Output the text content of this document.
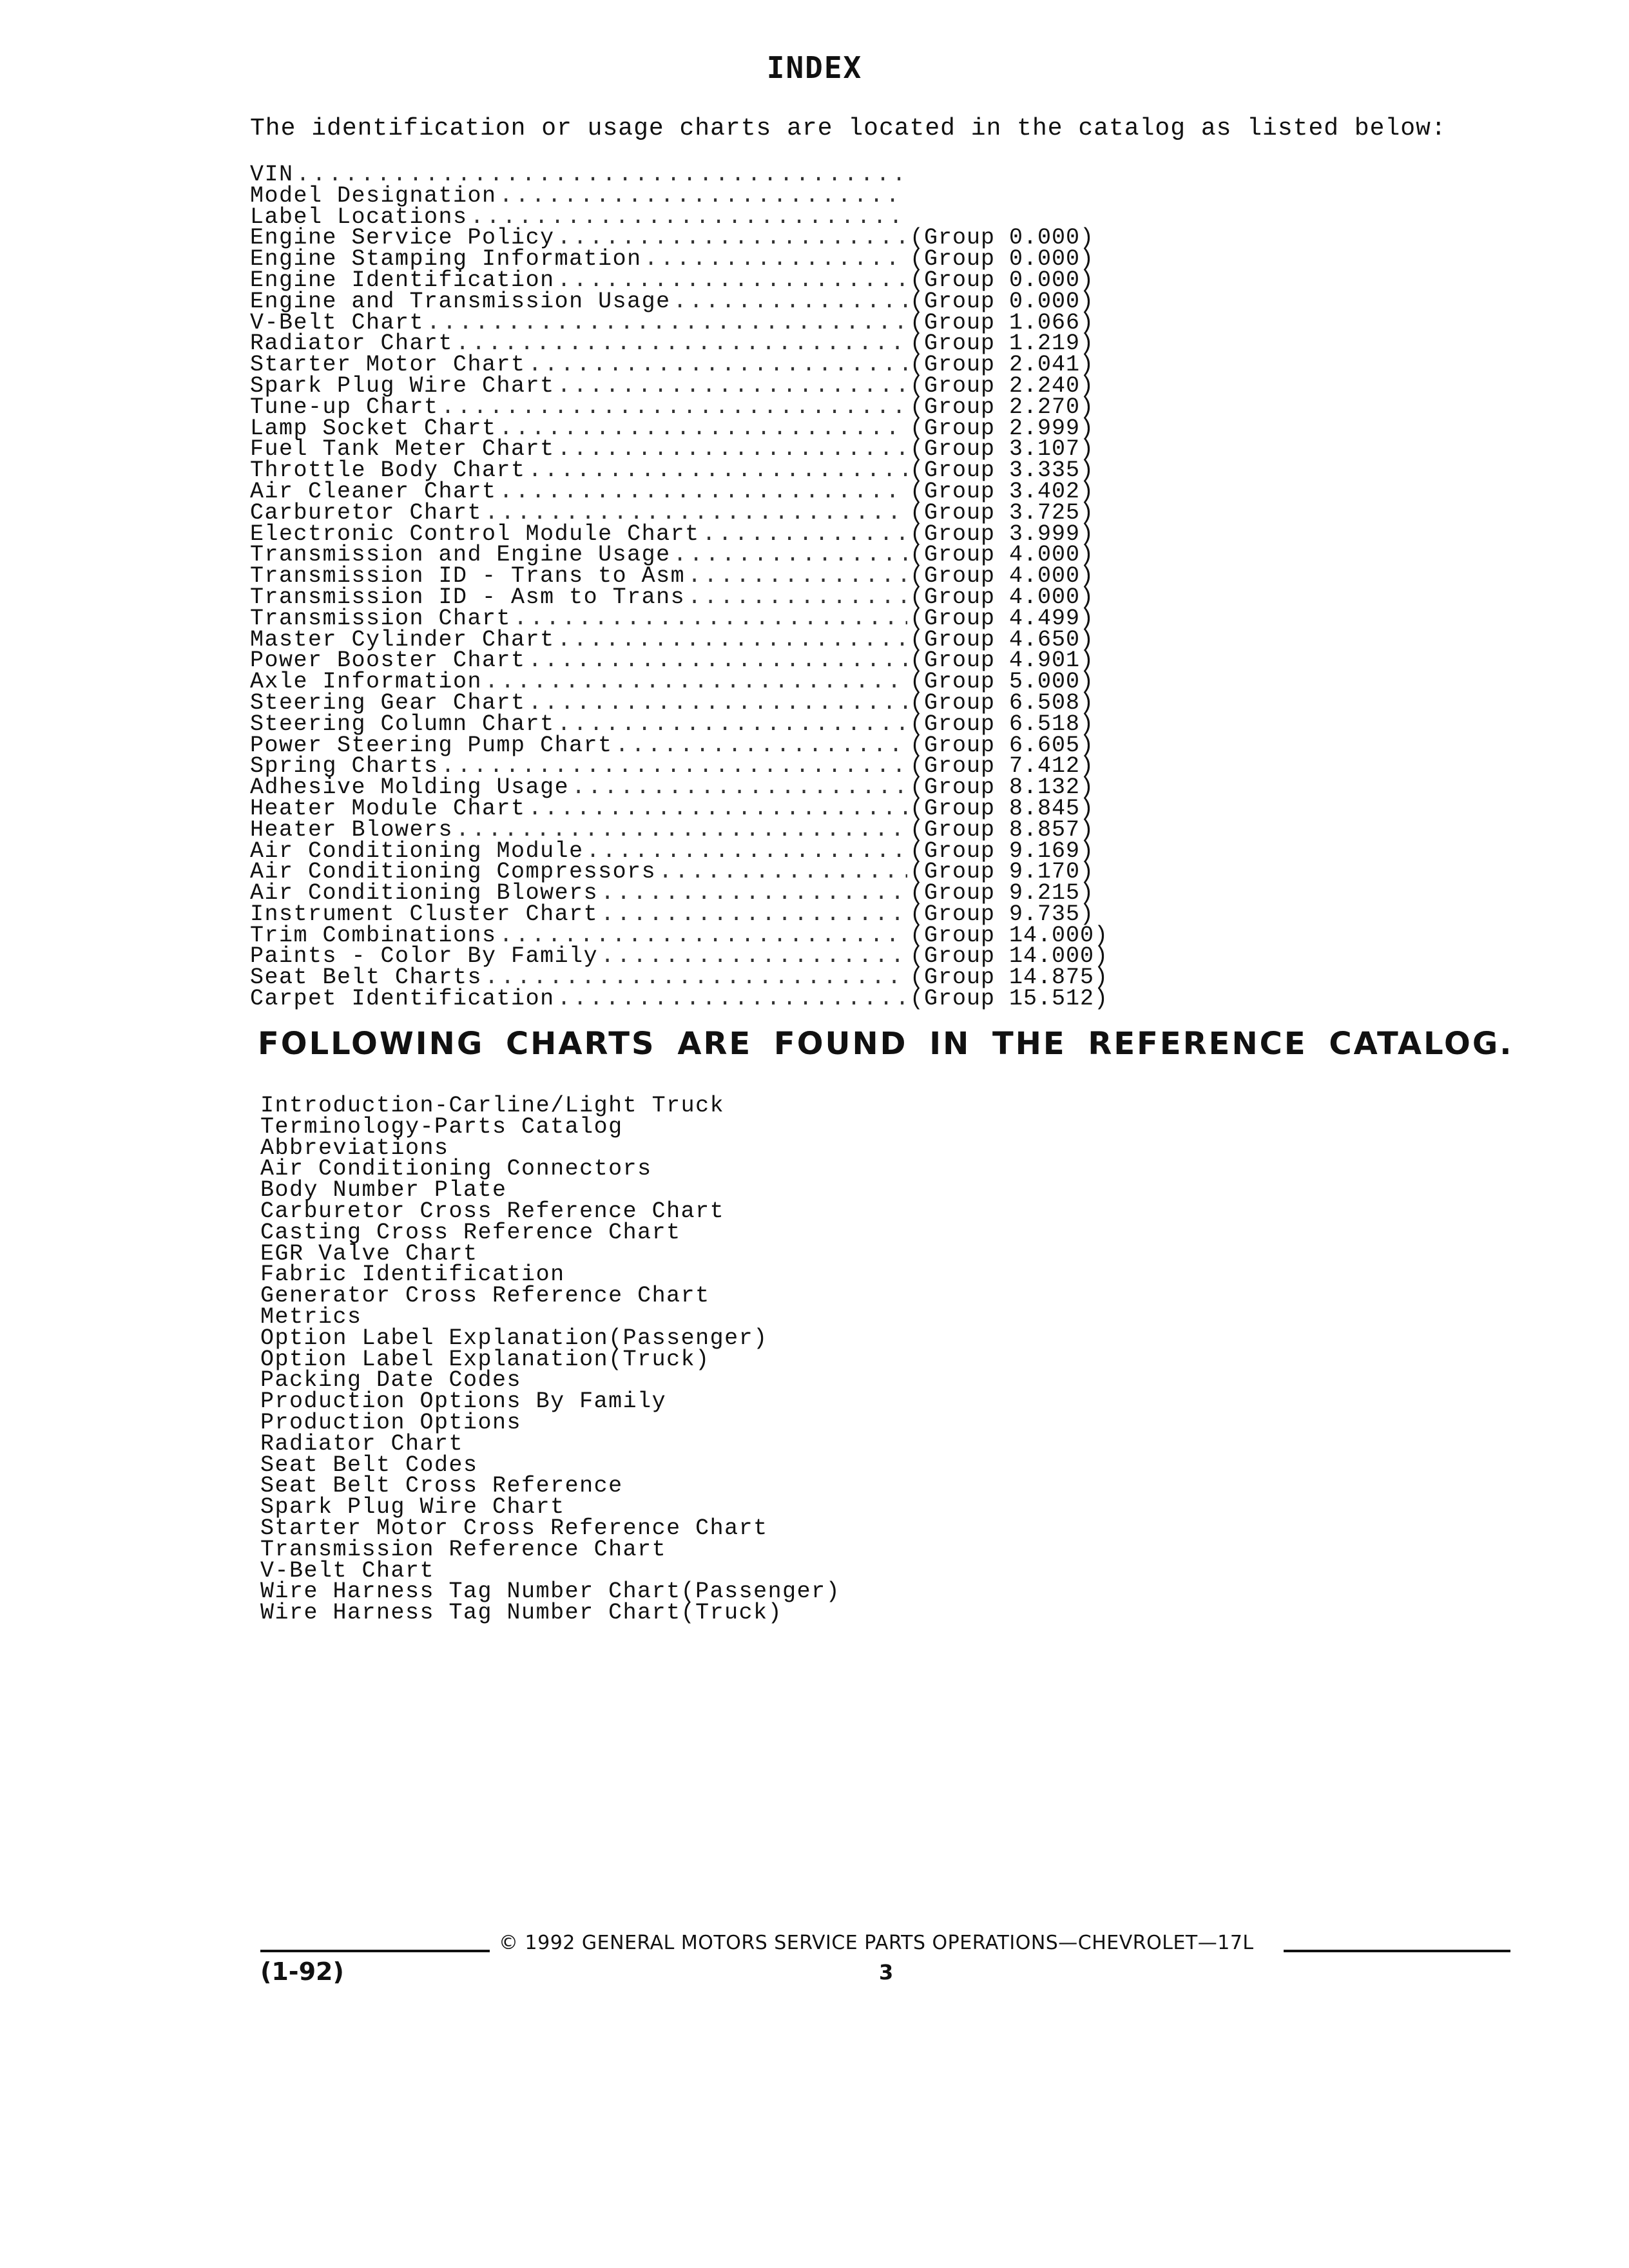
INDEX
The identification or usage charts are located in the catalog as listed below:
VIN
.....
Model Designation
.....
Label Locations
.....
Engine Service Policy .....	(Group 0.000)
Engine Stamping Information .....	(Group 0.000)
Engine Identification .....	(Group 0.000)
Engine and Transmission Usage .....	(Group 0.000)
V-Belt Chart .....	(Group 1.066)
Radiator Chart .....	(Group 1.219)
Starter Motor Chart .....	(Group 2.041)
Spark Plug Wire Chart .....	(Group 2.240)
Tune-up Chart .....	(Group 2.270)
Lamp Socket Chart .....	(Group 2.999)
Fuel Tank Meter Chart .....	(Group 3.107)
Throttle Body Chart .....	(Group 3.335)
Air Cleaner Chart .....	(Group 3.402)
Carburetor Chart .....	(Group 3.725)
Electronic Control Module Chart .....	(Group 3.999)
Transmission and Engine Usage .....	(Group 4.000)
Transmission ID - Trans to Asm .....	(Group 4.000)
Transmission ID - Asm to Trans .....	(Group 4.000)
Transmission Chart .....	(Group 4.499)
Master Cylinder Chart .....	(Group 4.650)
Power Booster Chart .....	(Group 4.901)
Axle Information .....	(Group 5.000)
Steering Gear Chart .....	(Group 6.508)
Steering Column Chart .....	(Group 6.518)
Power Steering Pump Chart .....	(Group 6.605)
Spring Charts .....	(Group 7.412)
Adhesive Molding Usage .....	(Group 8.132)
Heater Module Chart .....	(Group 8.845)
Heater Blowers .....	(Group 8.857)
Air Conditioning Module .....	(Group 9.169)
Air Conditioning Compressors .....	(Group 9.170)
Air Conditioning Blowers .....	(Group 9.215)
Instrument Cluster Chart .....	(Group 9.735)
Trim Combinations .....	(Group 14.000)
Paints - Color By Family .....	(Group 14.000)
Seat Belt Charts .....	(Group 14.875)
Carpet Identification .....	(Group 15.512)
FOLLOWING CHARTS ARE FOUND IN THE REFERENCE CATALOG.
Introduction-Carline/Light Truck
Terminology-Parts Catalog
Abbreviations
Air Conditioning Connectors
Body Number Plate
Carburetor Cross Reference Chart
Casting Cross Reference Chart
EGR Valve Chart
Fabric Identification
Generator Cross Reference Chart
Metrics
Option Label Explanation(Passenger)
Option Label Explanation(Truck)
Packing Date Codes
Production Options By Family
Production Options
Radiator Chart
Seat Belt Codes
Seat Belt Cross Reference
Spark Plug Wire Chart
Starter Motor Cross Reference Chart
Transmission Reference Chart
V-Belt Chart
Wire Harness Tag Number Chart(Passenger)
Wire Harness Tag Number Chart(Truck)
© 1992 GENERAL MOTORS SERVICE PARTS OPERATIONS—CHEVROLET—17L
(1-92)	3
